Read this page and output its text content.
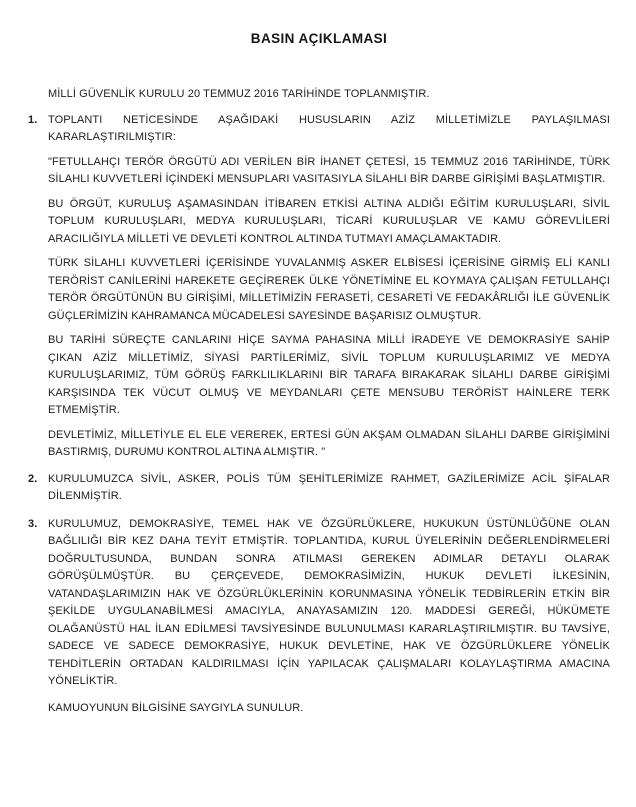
BASIN AÇIKLAMASI

MİLLİ GÜVENLİK KURULU 20 TEMMUZ 2016 TARİHİNDE TOPLANMIŞTIR.

1. TOPLANTI NETİCESİNDE AŞAĞIDAKİ HUSUSLARIN AZİZ MİLLETİMİZLE PAYLAŞILMASI KARARLAŞTIRILMIŞTIR:

"FETULLAHÇI TERÖR ÖRGÜTÜ ADI VERİLEN BİR İHANET ÇETESİ, 15 TEMMUZ 2016 TARİHİNDE, TÜRK SİLAHLI KUVVETLERİ İÇİNDEKİ MENSUPLARI VASITASIYLA SİLAHLI BİR DARBE GİRİŞİMİ BAŞLATMIŞTIR.

BU ÖRGÜT, KURULUŞ AŞAMASINDAN İTİBAREN ETKİSİ ALTINA ALDIĞI EĞİTİM KURULUŞLARI, SİVİL TOPLUM KURULUŞLARI, MEDYA KURULUŞLARI, TİCARİ KURULUŞLAR VE KAMU GÖREVLİLERİ ARACILIĞIYLA MİLLETİ VE DEVLETİ KONTROL ALTINDA TUTMAYI AMAÇLAMAKTADIR.

TÜRK SİLAHLI KUVVETLERİ İÇERİSİNDE YUVALANMIŞ ASKER ELBİSESİ İÇERİSİNE GİRMİŞ ELİ KANLI TERÖRİST CANİLERİNİ HAREKETE GEÇİREREK ÜLKE YÖNETİMİNE EL KOYMAYA ÇALIŞAN FETULLAHÇI TERÖR ÖRGÜTÜNÜN BU GİRİŞİMİ, MİLLETİMİZİN FERASETİ, CESARETİ VE FEDAKÂRLIĞI İLE GÜVENLİK GÜÇLERİMİZİN KAHRAMANCA MÜCADELESİ SAYESİNDE BAŞARISIZ OLMUŞTUR.

BU TARİHİ SÜREÇTE CANLARINI HİÇE SAYMA PAHASINA MİLLİ İRADEYE VE DEMOKRASİYE SAHİP ÇIKAN AZİZ MİLLETİMİZ, SİYASİ PARTİLERİMİZ, SİVİL TOPLUM KURULUŞLARIMIZ VE MEDYA KURULUŞLARIMIZ, TÜM GÖRÜŞ FARKLILIKLARINI BİR TARAFA BIRAKARAK SİLAHLI DARBE GİRİŞİMİ KARŞISINDA TEK VÜCUT OLMUŞ VE MEYDANLARI ÇETE MENSUBU TERÖRİST HAİNLERE TERK ETMEMİŞTİR.

DEVLETİMİZ, MİLLETİYLE EL ELE VEREREK, ERTESİ GÜN AKŞAM OLMADAN SİLAHLI DARBE GİRİŞİMİNİ BASTIRMIŞ, DURUMU KONTROL ALTINA ALMIŞTIR. "

2. KURULUMUZCA SİVİL, ASKER, POLİS TÜM ŞEHİTLERİMİZE RAHMET, GAZİLERİMİZE ACİL ŞİFALAR DİLENMİŞTİR.

3. KURULUMUZ, DEMOKRASİYE, TEMEL HAK VE ÖZGÜRLÜKLERE, HUKUKUN ÜSTÜNLÜĞÜNE OLAN BAĞLILIĞI BİR KEZ DAHA TEYİT ETMİŞTİR. TOPLANTIDA, KURUL ÜYELERİNİN DEĞERLENDİRMELERİ DOĞRULTUSUNDA, BUNDAN SONRA ATILMASI GEREKEN ADIMLAR DETAYLI OLARAK GÖRÜŞÜLMÜŞTÜR. BU ÇERÇEVEDE, DEMOKRASİMİZİN, HUKUK DEVLETİ İLKESİNİN, VATANDAŞLARIMIZIN HAK VE ÖZGÜRLÜKLERİNİN KORUNMASINA YÖNELİK TEDBİRLERİN ETKİN BİR ŞEKİLDE UYGULANABİLMESİ AMACIYLA, ANAYASAMIZIN 120. MADDESİ GEREĞİ, HÜKÜMETE OLAĞANÜSTÜ HAL İLAN EDİLMESİ TAVSİYESİNDE BULUNULMASI KARARLAŞTIRILMIŞTIR. BU TAVSİYE, SADECE VE SADECE DEMOKRASİYE, HUKUK DEVLETİNE, HAK VE ÖZGÜRLÜKLERE YÖNELİK TEHDİTLERİN ORTADAN KALDIRILMASI İÇİN YAPILACAK ÇALIŞMALARI KOLAYLAŞTIRMA AMACINA YÖNELİKTİR.

KAMUOYUNUN BİLGİSİNE SAYGIYLA SUNULUR.
